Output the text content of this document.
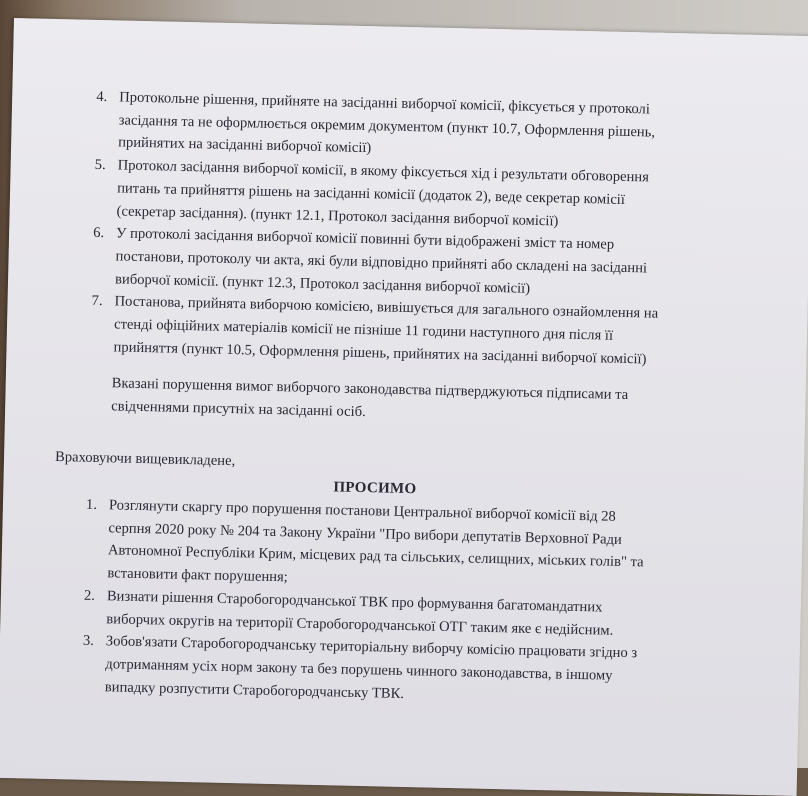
4. Протокольне рішення, прийняте на засіданні виборчої комісії, фіксується у протоколі
засідання та не оформлюється окремим документом (пункт 10.7, Оформлення рішень,
прийнятих на засіданні виборчої комісії)
5. Протокол засідання виборчої комісії, в якому фіксується хід і результати обговорення
питань та прийняття рішень на засіданні комісії (додаток 2), веде секретар комісії
(секретар засідання). (пункт 12.1, Протокол засідання виборчої комісії)
6. У протоколі засідання виборчої комісії повинні бути відображені зміст та номер
постанови, протоколу чи акта, які були відповідно прийняті або складені на засіданні
виборчої комісії. (пункт 12.3, Протокол засідання виборчої комісії)
7. Постанова, прийнята виборчою комісією, вивішується для загального ознайомлення на
стенді офіційних матеріалів комісії не пізніше 11 години наступного дня після її
прийняття (пункт 10.5, Оформлення рішень, прийнятих на засіданні виборчої комісії)
Вказані порушення вимог виборчого законодавства підтверджуються підписами та
свідченнями присутніх на засіданні осіб.

Враховуючи вищевикладене,

ПРОСИМО

1. Розглянути скаргу про порушення постанови Центральної виборчої комісії від 28
серпня 2020 року № 204 та Закону України "Про вибори депутатів Верховної Ради
Автономної Республіки Крим, місцевих рад та сільських, селищних, міських голів" та
встановити факт порушення;
2. Визнати рішення Старобогородчанської ТВК про формування багатомандатних
виборчих округів на території Старобогородчанської ОТГ таким яке є недійсним.
3. Зобов'язати Старобогородчанську територіальну виборчу комісію працювати згідно з
дотриманням усіх норм закону та без порушень чинного законодавства, в іншому
випадку розпустити Старобогородчанську ТВК.
